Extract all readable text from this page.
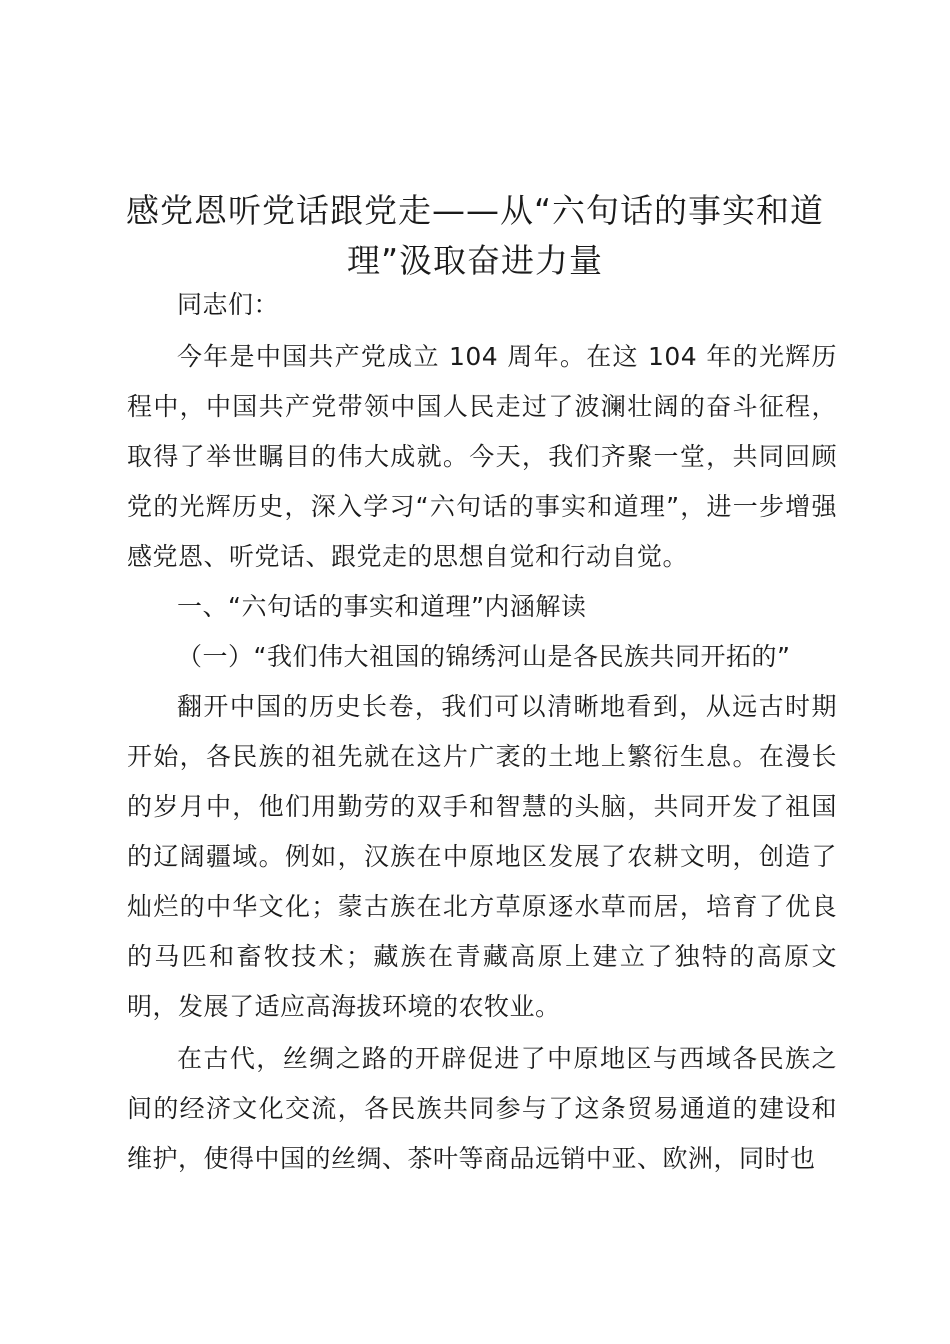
感党恩听党话跟党走——从“六句话的事实和道理”汲取奋进力量

同志们：

今年是中国共产党成立 104 周年。在这 104 年的光辉历程中，中国共产党带领中国人民走过了波澜壮阔的奋斗征程，取得了举世瞩目的伟大成就。今天，我们齐聚一堂，共同回顾党的光辉历史，深入学习“六句话的事实和道理”，进一步增强感党恩、听党话、跟党走的思想自觉和行动自觉。

一、“六句话的事实和道理”内涵解读

（一）“我们伟大祖国的锦绣河山是各民族共同开拓的”

翻开中国的历史长卷，我们可以清晰地看到，从远古时期开始，各民族的祖先就在这片广袤的土地上繁衍生息。在漫长的岁月中，他们用勤劳的双手和智慧的头脑，共同开发了祖国的辽阔疆域。例如，汉族在中原地区发展了农耕文明，创造了灿烂的中华文化；蒙古族在北方草原逐水草而居，培育了优良的马匹和畜牧技术；藏族在青藏高原上建立了独特的高原文明，发展了适应高海拔环境的农牧业。

在古代，丝绸之路的开辟促进了中原地区与西域各民族之间的经济文化交流，各民族共同参与了这条贸易通道的建设和维护，使得中国的丝绸、茶叶等商品远销中亚、欧洲，同时也
